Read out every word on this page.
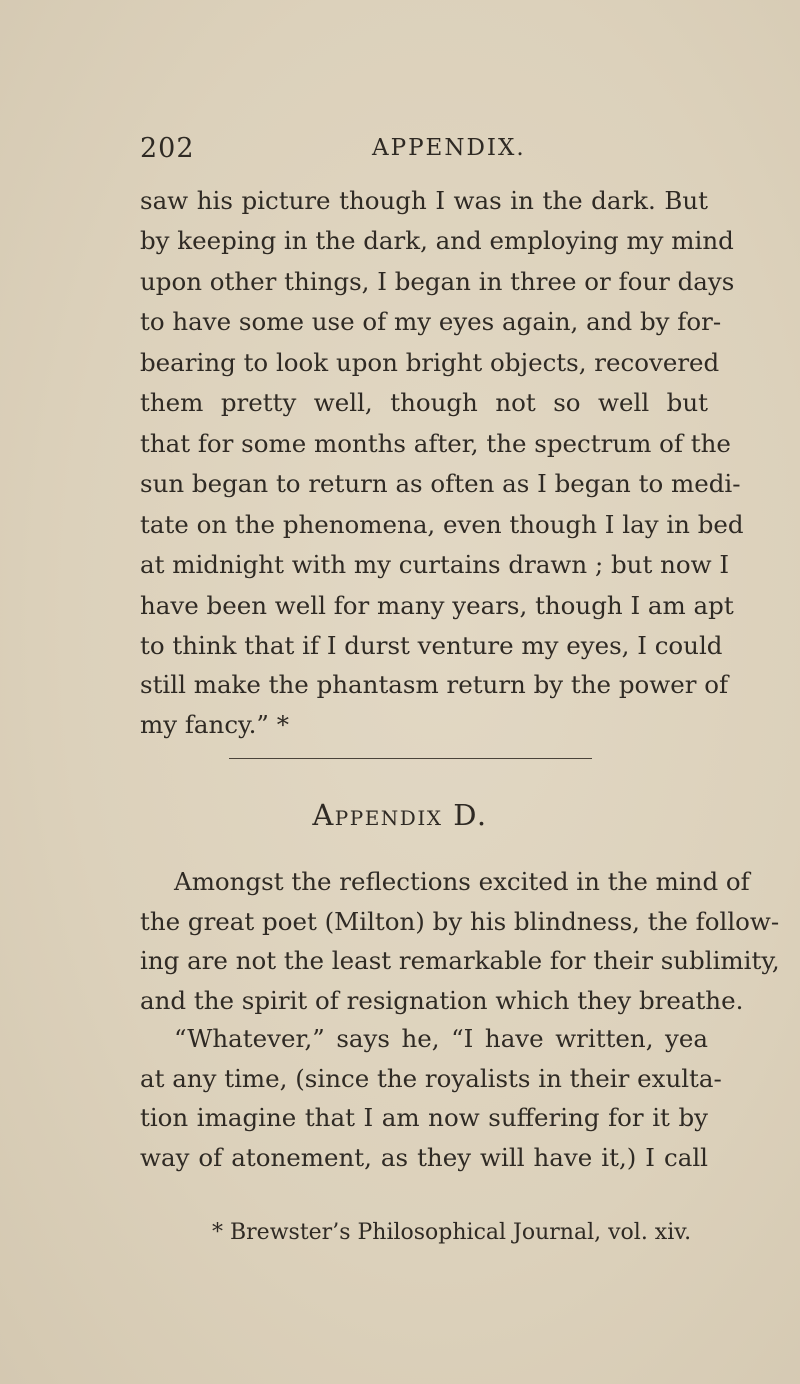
202	APPENDIX.
saw his picture though I was in the dark. But
by keeping in the dark, and employing my mind
upon other things, I began in three or four days
to have some use of my eyes again, and by for-
bearing to look upon bright objects, recovered
them pretty well, though not so well but
that for some months after, the spectrum of the
sun began to return as often as I began to medi-
tate on the phenomena, even though I lay in bed
at midnight with my curtains drawn ; but now I
have been well for many years, though I am apt
to think that if I durst venture my eyes, I could
still make the phantasm return by the power of
my fancy.” *
Appendix D.
Amongst the reflections excited in the mind of
the great poet (Milton) by his blindness, the follow-
ing are not the least remarkable for their sublimity,
and the spirit of resignation which they breathe.
“Whatever,” says he, “I have written, yea
at any time, (since the royalists in their exulta-
tion imagine that I am now suffering for it by
way of atonement, as they will have it,) I call
* Brewster’s Philosophical Journal, vol. xiv.
